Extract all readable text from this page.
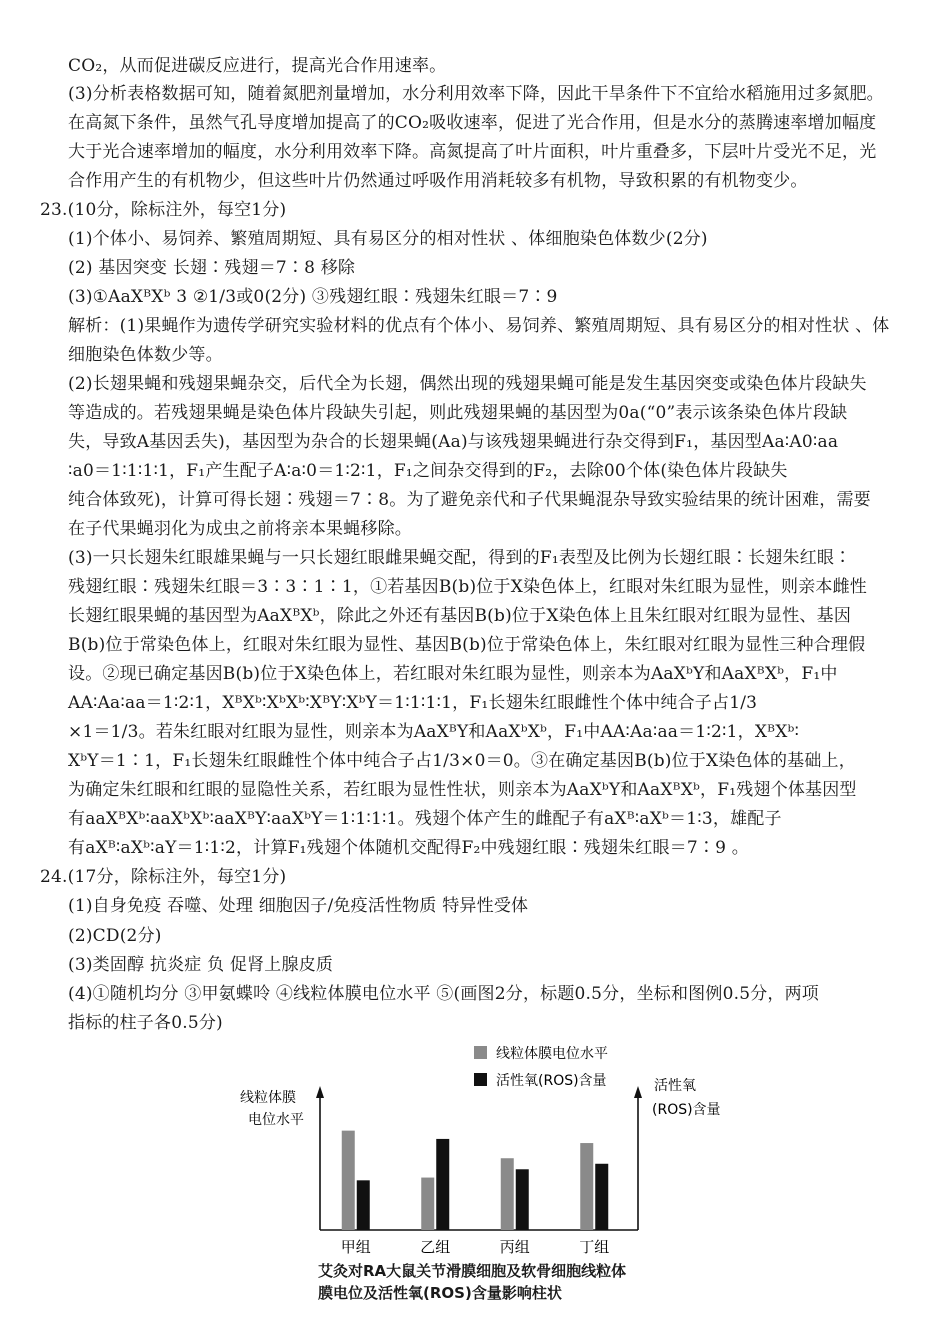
CO₂，从而促进碳反应进行，提高光合作用速率。
(3)分析表格数据可知，随着氮肥剂量增加，水分利用效率下降，因此干旱条件下不宜给水稻施用过多氮肥。
在高氮下条件，虽然气孔导度增加提高了的CO₂吸收速率，促进了光合作用，但是水分的蒸腾速率增加幅度
大于光合速率增加的幅度，水分利用效率下降。高氮提高了叶片面积，叶片重叠多，下层叶片受光不足，光
合作用产生的有机物少，但这些叶片仍然通过呼吸作用消耗较多有机物，导致积累的有机物变少。
23.(10分，除标注外，每空1分)
(1)个体小、易饲养、繁殖周期短、具有易区分的相对性状 、体细胞染色体数少(2分)
(2) 基因突变 长翅∶残翅＝7∶8 移除
(3)①AaXᴮXᵇ 3 ②1/3或0(2分) ③残翅红眼∶残翅朱红眼＝7∶9
解析：(1)果蝇作为遗传学研究实验材料的优点有个体小、易饲养、繁殖周期短、具有易区分的相对性状 、体
细胞染色体数少等。
(2)长翅果蝇和残翅果蝇杂交，后代全为长翅，偶然出现的残翅果蝇可能是发生基因突变或染色体片段缺失
等造成的。若残翅果蝇是染色体片段缺失引起，则此残翅果蝇的基因型为0a(“0”表示该条染色体片段缺
失，导致A基因丢失)，基因型为杂合的长翅果蝇(Aa)与该残翅果蝇进行杂交得到F₁，基因型Aa∶A0∶aa
∶a0＝1∶1∶1∶1，F₁产生配子A∶a∶0＝1∶2∶1，F₁之间杂交得到的F₂，去除00个体(染色体片段缺失
纯合体致死)，计算可得长翅∶残翅＝7∶8。为了避免亲代和子代果蝇混杂导致实验结果的统计困难，需要
在子代果蝇羽化为成虫之前将亲本果蝇移除。
(3)一只长翅朱红眼雄果蝇与一只长翅红眼雌果蝇交配，得到的F₁表型及比例为长翅红眼∶长翅朱红眼∶
残翅红眼∶残翅朱红眼＝3∶3∶1∶1，①若基因B(b)位于X染色体上，红眼对朱红眼为显性，则亲本雌性
长翅红眼果蝇的基因型为AaXᴮXᵇ，除此之外还有基因B(b)位于X染色体上且朱红眼对红眼为显性、基因
B(b)位于常染色体上，红眼对朱红眼为显性、基因B(b)位于常染色体上，朱红眼对红眼为显性三种合理假
设。②现已确定基因B(b)位于X染色体上，若红眼对朱红眼为显性，则亲本为AaXᵇY和AaXᴮXᵇ，F₁中
AA∶Aa∶aa＝1∶2∶1，XᴮXᵇ∶XᵇXᵇ∶XᴮY∶XᵇY＝1∶1∶1∶1，F₁长翅朱红眼雌性个体中纯合子占1/3
×1＝1/3。若朱红眼对红眼为显性，则亲本为AaXᴮY和AaXᵇXᵇ，F₁中AA∶Aa∶aa＝1∶2∶1，XᴮXᵇ∶
XᵇY＝1∶1，F₁长翅朱红眼雌性个体中纯合子占1/3×0＝0。③在确定基因B(b)位于X染色体的基础上，
为确定朱红眼和红眼的显隐性关系，若红眼为显性性状，则亲本为AaXᵇY和AaXᴮXᵇ，F₁残翅个体基因型
有aaXᴮXᵇ∶aaXᵇXᵇ∶aaXᴮY∶aaXᵇY＝1∶1∶1∶1。残翅个体产生的雌配子有aXᴮ∶aXᵇ＝1∶3，雄配子
有aXᴮ∶aXᵇ∶aY＝1∶1∶2，计算F₁残翅个体随机交配得F₂中残翅红眼∶残翅朱红眼＝7∶9 。
24.(17分，除标注外，每空1分)
(1)自身免疫 吞噬、处理 细胞因子/免疫活性物质 特异性受体
(2)CD(2分)
(3)类固醇 抗炎症 负 促肾上腺皮质
(4)①随机均分 ③甲氨蝶呤 ④线粒体膜电位水平 ⑤(画图2分，标题0.5分，坐标和图例0.5分，两项
指标的柱子各0.5分)
线粒体膜电位水平
活性氧(ROS)含量
线粒体膜
电位水平
活性氧
(ROS)含量
甲组	乙组	丙组	丁组
艾灸对RA大鼠关节滑膜细胞及软骨细胞线粒体
膜电位及活性氧(ROS)含量影响柱状
